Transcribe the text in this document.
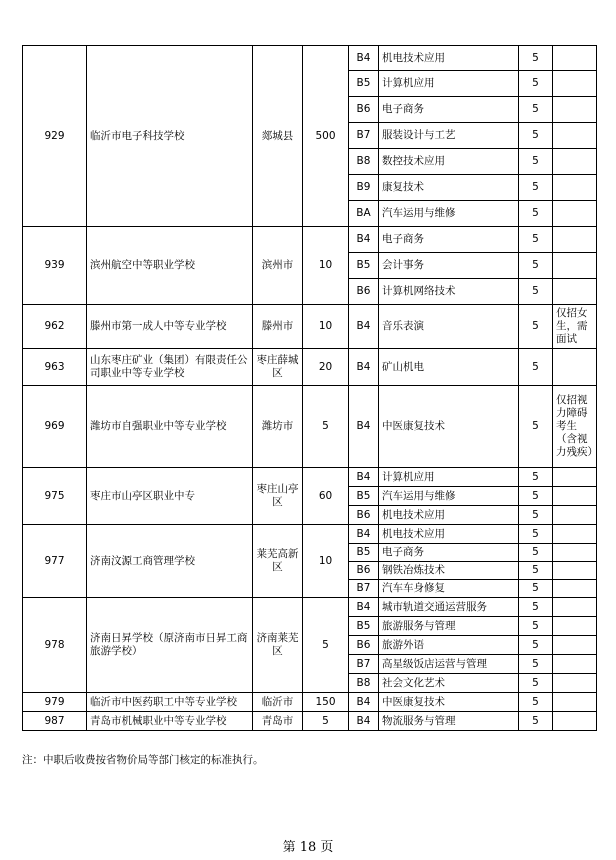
929	临沂市电子科技学校	郯城县	500	B4	机电技术应用	5	
				B5	计算机应用	5	
				B6	电子商务	5	
				B7	服装设计与工艺	5	
				B8	数控技术应用	5	
				B9	康复技术	5	
				BA	汽车运用与维修	5	
939	滨州航空中等职业学校	滨州市	10	B4	电子商务	5	
				B5	会计事务	5	
				B6	计算机网络技术	5	
962	滕州市第一成人中等专业学校	滕州市	10	B4	音乐表演	5	仅招女生，需面试
963	山东枣庄矿业（集团）有限责任公司职业中等专业学校	枣庄薛城区	20	B4	矿山机电	5	
969	潍坊市自强职业中等专业学校	潍坊市	5	B4	中医康复技术	5	仅招视力障碍考生（含视力残疾）
975	枣庄市山亭区职业中专	枣庄山亭区	60	B4	计算机应用	5	
				B5	汽车运用与维修	5	
				B6	机电技术应用	5	
977	济南汶源工商管理学校	莱芜高新区	10	B4	机电技术应用	5	
				B5	电子商务	5	
				B6	钢铁冶炼技术	5	
				B7	汽车车身修复	5	
978	济南日昇学校（原济南市日昇工商旅游学校）	济南莱芜区	5	B4	城市轨道交通运营服务	5	
				B5	旅游服务与管理	5	
				B6	旅游外语	5	
				B7	高星级饭店运营与管理	5	
				B8	社会文化艺术	5	
979	临沂市中医药职工中等专业学校	临沂市	150	B4	中医康复技术	5	
987	青岛市机械职业中等专业学校	青岛市	5	B4	物流服务与管理	5	
注：中职后收费按省物价局等部门核定的标准执行。
第 18 页
